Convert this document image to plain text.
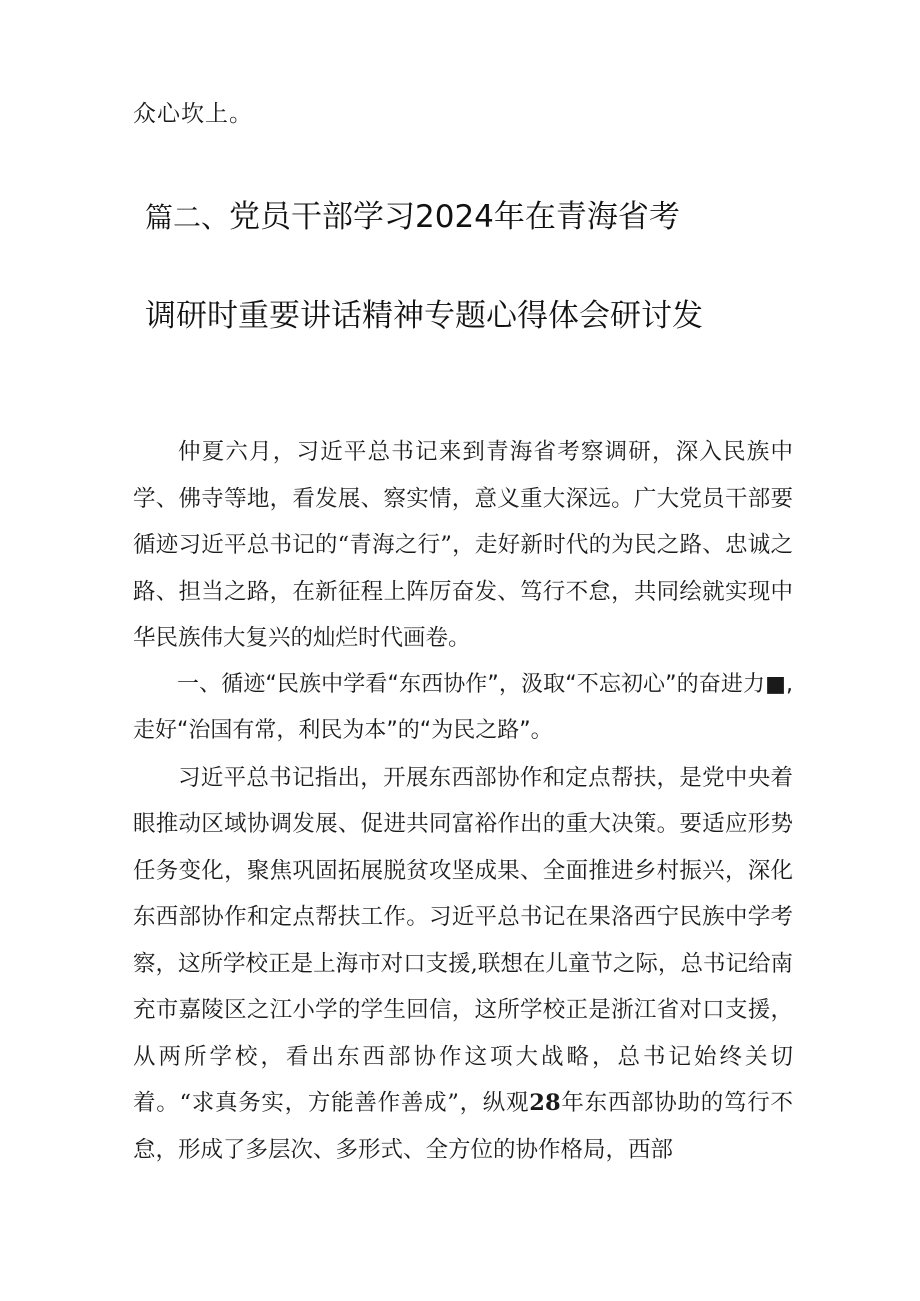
众心坎上。
篇二、党员干部学习2024年在青海省考
调研时重要讲话精神专题心得体会研讨发

仲夏六月，习近平总书记来到青海省考察调研，深入民族中学、佛寺等地，看发展、察实情，意义重大深远。广大党员干部要循迹习近平总书记的“青海之行”，走好新时代的为民之路、忠诚之路、担当之路，在新征程上阵厉奋发、笃行不怠，共同绘就实现中华民族伟大复兴的灿烂时代画卷。

一、循迹“民族中学看“东西协作”，汲取“不忘初心”的奋进力■,走好“治国有常，利民为本”的“为民之路”。

习近平总书记指出，开展东西部协作和定点帮扶，是党中央着眼推动区域协调发展、促进共同富裕作出的重大决策。要适应形势任务变化，聚焦巩固拓展脱贫攻坚成果、全面推进乡村振兴，深化东西部协作和定点帮扶工作。习近平总书记在果洛西宁民族中学考察，这所学校正是上海市对口支援,联想在儿童节之际，总书记给南充市嘉陵区之江小学的学生回信，这所学校正是浙江省对口支援，从两所学校，看出东西部协作这项大战略，总书记始终关切着。“求真务实，方能善作善成”，纵观28年东西部协助的笃行不怠，形成了多层次、多形式、全方位的协作格局，西部
